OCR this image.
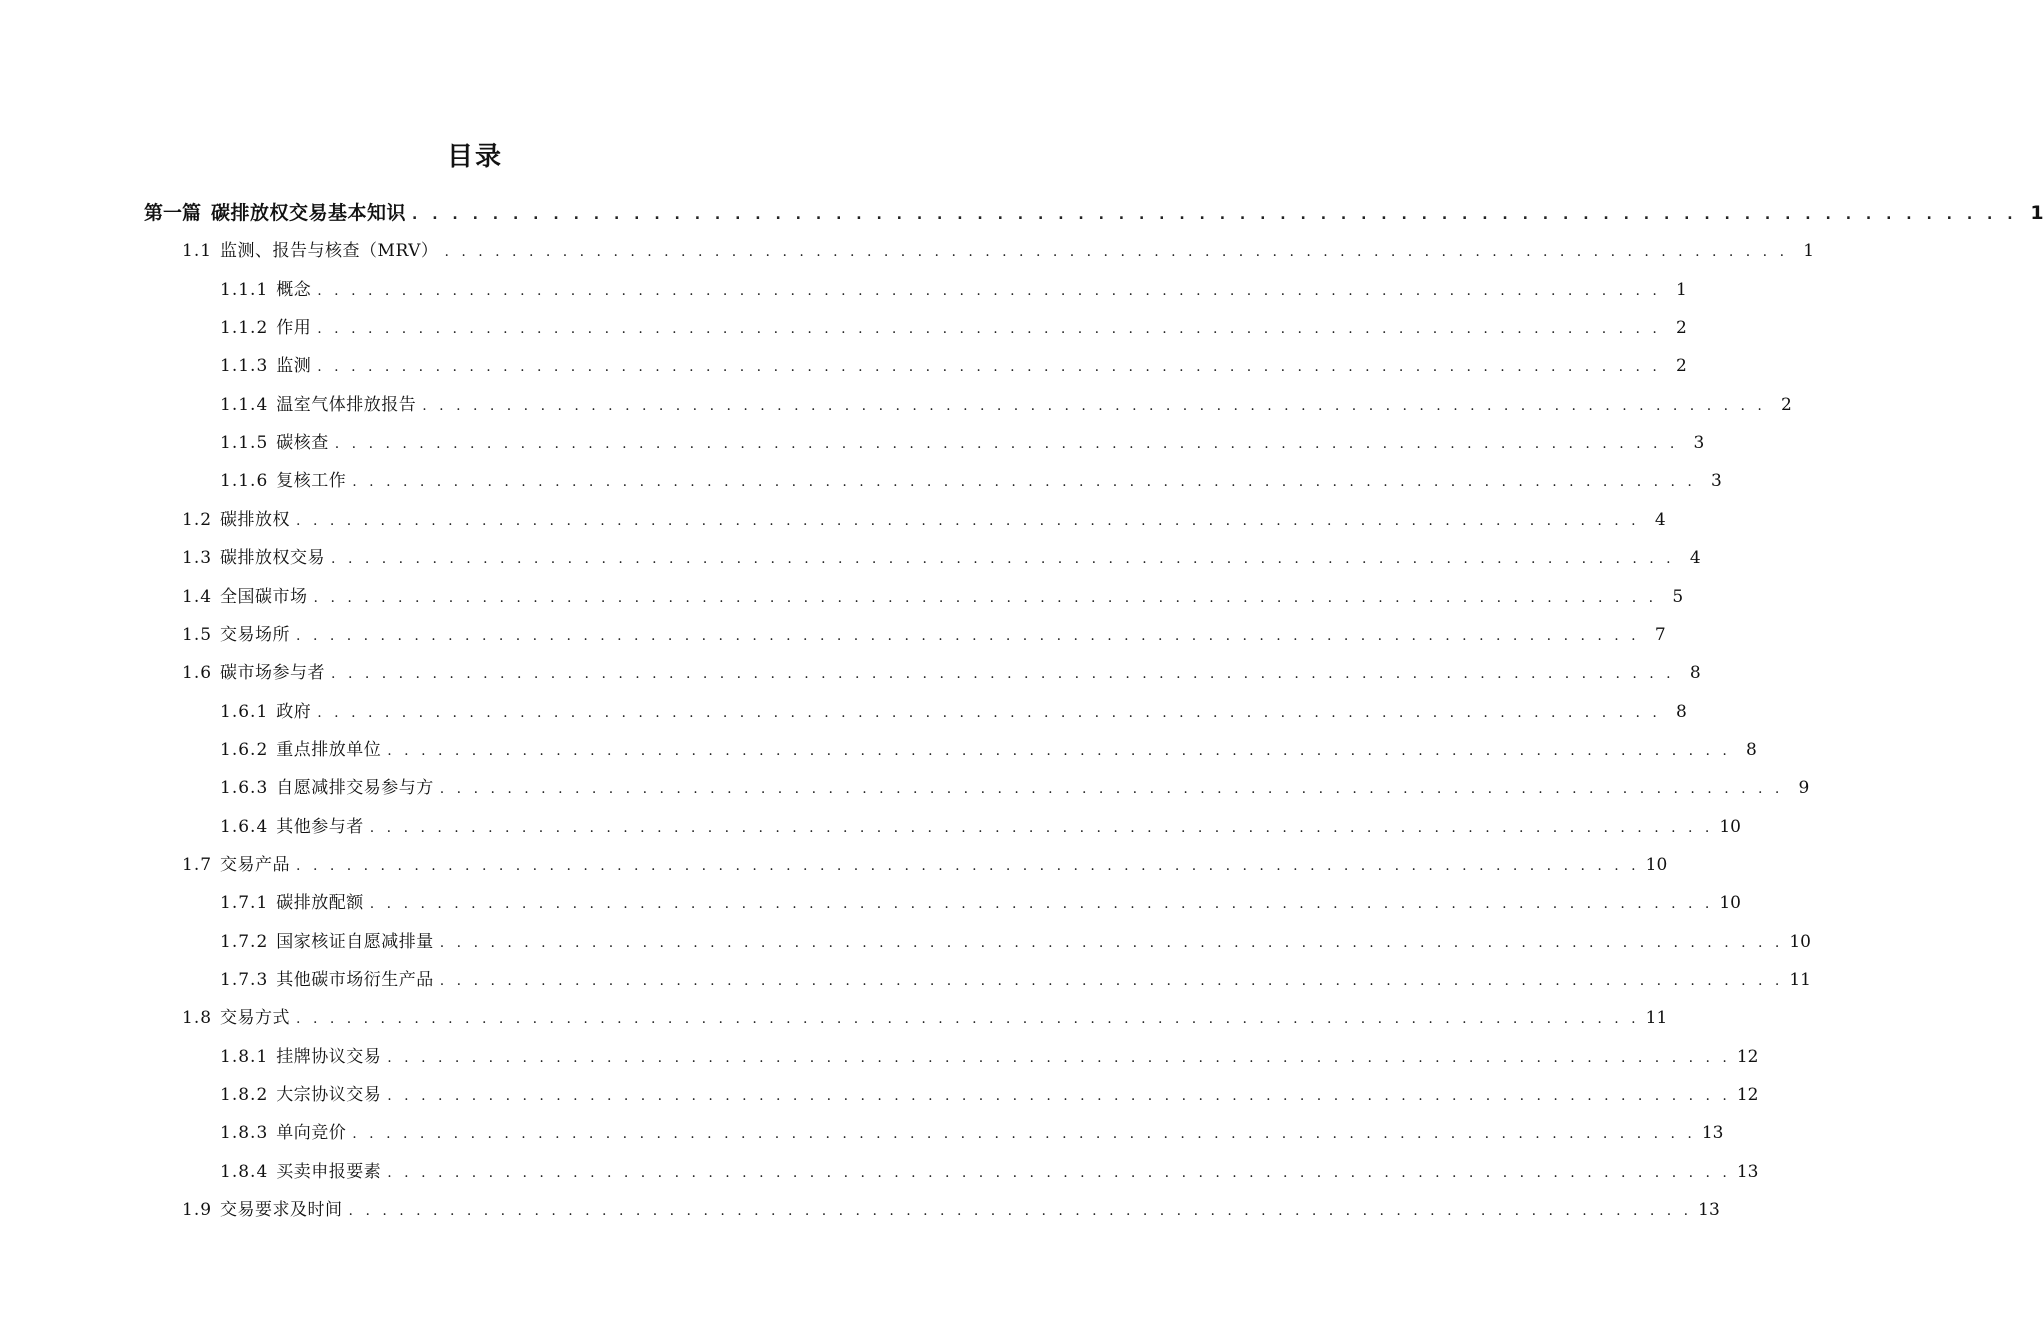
目录
第一篇 碳排放权交易基本知识 . . . . . . . . . . . . . . . . . . . . . . . . . . . . . . . . . . . . . . . . . . . . . . . . . . . . . . . . . . . . . . . . . . . . . . . . . . . . . . . . 1
1.1 监测、报告与核查（MRV） . . . . . . . . . . . . . . . . . . . . . . . . . . . . . . . . . . . . . . . . . . . . . . . . . . . . . . . . . . . . . . . . . . . . . . . . . . . . . . . . 1
1.1.1 概念 . . . . . . . . . . . . . . . . . . . . . . . . . . . . . . . . . . . . . . . . . . . . . . . . . . . . . . . . . . . . . . . . . . . . . . . . . . . . . . . . 1
1.1.2 作用 . . . . . . . . . . . . . . . . . . . . . . . . . . . . . . . . . . . . . . . . . . . . . . . . . . . . . . . . . . . . . . . . . . . . . . . . . . . . . . . . 2
1.1.3 监测 . . . . . . . . . . . . . . . . . . . . . . . . . . . . . . . . . . . . . . . . . . . . . . . . . . . . . . . . . . . . . . . . . . . . . . . . . . . . . . . . 2
1.1.4 温室气体排放报告 . . . . . . . . . . . . . . . . . . . . . . . . . . . . . . . . . . . . . . . . . . . . . . . . . . . . . . . . . . . . . . . . . . . . . . . . . . . . . . . . 2
1.1.5 碳核查 . . . . . . . . . . . . . . . . . . . . . . . . . . . . . . . . . . . . . . . . . . . . . . . . . . . . . . . . . . . . . . . . . . . . . . . . . . . . . . . . 3
1.1.6 复核工作 . . . . . . . . . . . . . . . . . . . . . . . . . . . . . . . . . . . . . . . . . . . . . . . . . . . . . . . . . . . . . . . . . . . . . . . . . . . . . . . . 3
1.2 碳排放权 . . . . . . . . . . . . . . . . . . . . . . . . . . . . . . . . . . . . . . . . . . . . . . . . . . . . . . . . . . . . . . . . . . . . . . . . . . . . . . . . 4
1.3 碳排放权交易 . . . . . . . . . . . . . . . . . . . . . . . . . . . . . . . . . . . . . . . . . . . . . . . . . . . . . . . . . . . . . . . . . . . . . . . . . . . . . . . . 4
1.4 全国碳市场 . . . . . . . . . . . . . . . . . . . . . . . . . . . . . . . . . . . . . . . . . . . . . . . . . . . . . . . . . . . . . . . . . . . . . . . . . . . . . . . . 5
1.5 交易场所 . . . . . . . . . . . . . . . . . . . . . . . . . . . . . . . . . . . . . . . . . . . . . . . . . . . . . . . . . . . . . . . . . . . . . . . . . . . . . . . . 7
1.6 碳市场参与者 . . . . . . . . . . . . . . . . . . . . . . . . . . . . . . . . . . . . . . . . . . . . . . . . . . . . . . . . . . . . . . . . . . . . . . . . . . . . . . . . 8
1.6.1 政府 . . . . . . . . . . . . . . . . . . . . . . . . . . . . . . . . . . . . . . . . . . . . . . . . . . . . . . . . . . . . . . . . . . . . . . . . . . . . . . . . 8
1.6.2 重点排放单位 . . . . . . . . . . . . . . . . . . . . . . . . . . . . . . . . . . . . . . . . . . . . . . . . . . . . . . . . . . . . . . . . . . . . . . . . . . . . . . . . 8
1.6.3 自愿减排交易参与方 . . . . . . . . . . . . . . . . . . . . . . . . . . . . . . . . . . . . . . . . . . . . . . . . . . . . . . . . . . . . . . . . . . . . . . . . . . . . . . . . 9
1.6.4 其他参与者 . . . . . . . . . . . . . . . . . . . . . . . . . . . . . . . . . . . . . . . . . . . . . . . . . . . . . . . . . . . . . . . . . . . . . . . . . . . . . . . . 10
1.7 交易产品 . . . . . . . . . . . . . . . . . . . . . . . . . . . . . . . . . . . . . . . . . . . . . . . . . . . . . . . . . . . . . . . . . . . . . . . . . . . . . . . . 10
1.7.1 碳排放配额 . . . . . . . . . . . . . . . . . . . . . . . . . . . . . . . . . . . . . . . . . . . . . . . . . . . . . . . . . . . . . . . . . . . . . . . . . . . . . . . . 10
1.7.2 国家核证自愿减排量 . . . . . . . . . . . . . . . . . . . . . . . . . . . . . . . . . . . . . . . . . . . . . . . . . . . . . . . . . . . . . . . . . . . . . . . . . . . . . . . . 10
1.7.3 其他碳市场衍生产品 . . . . . . . . . . . . . . . . . . . . . . . . . . . . . . . . . . . . . . . . . . . . . . . . . . . . . . . . . . . . . . . . . . . . . . . . . . . . . . . . 11
1.8 交易方式 . . . . . . . . . . . . . . . . . . . . . . . . . . . . . . . . . . . . . . . . . . . . . . . . . . . . . . . . . . . . . . . . . . . . . . . . . . . . . . . . 11
1.8.1 挂牌协议交易 . . . . . . . . . . . . . . . . . . . . . . . . . . . . . . . . . . . . . . . . . . . . . . . . . . . . . . . . . . . . . . . . . . . . . . . . . . . . . . . . 12
1.8.2 大宗协议交易 . . . . . . . . . . . . . . . . . . . . . . . . . . . . . . . . . . . . . . . . . . . . . . . . . . . . . . . . . . . . . . . . . . . . . . . . . . . . . . . . 12
1.8.3 单向竞价 . . . . . . . . . . . . . . . . . . . . . . . . . . . . . . . . . . . . . . . . . . . . . . . . . . . . . . . . . . . . . . . . . . . . . . . . . . . . . . . . 13
1.8.4 买卖申报要素 . . . . . . . . . . . . . . . . . . . . . . . . . . . . . . . . . . . . . . . . . . . . . . . . . . . . . . . . . . . . . . . . . . . . . . . . . . . . . . . . 13
1.9 交易要求及时间 . . . . . . . . . . . . . . . . . . . . . . . . . . . . . . . . . . . . . . . . . . . . . . . . . . . . . . . . . . . . . . . . . . . . . . . . . . . . . . . . 13
